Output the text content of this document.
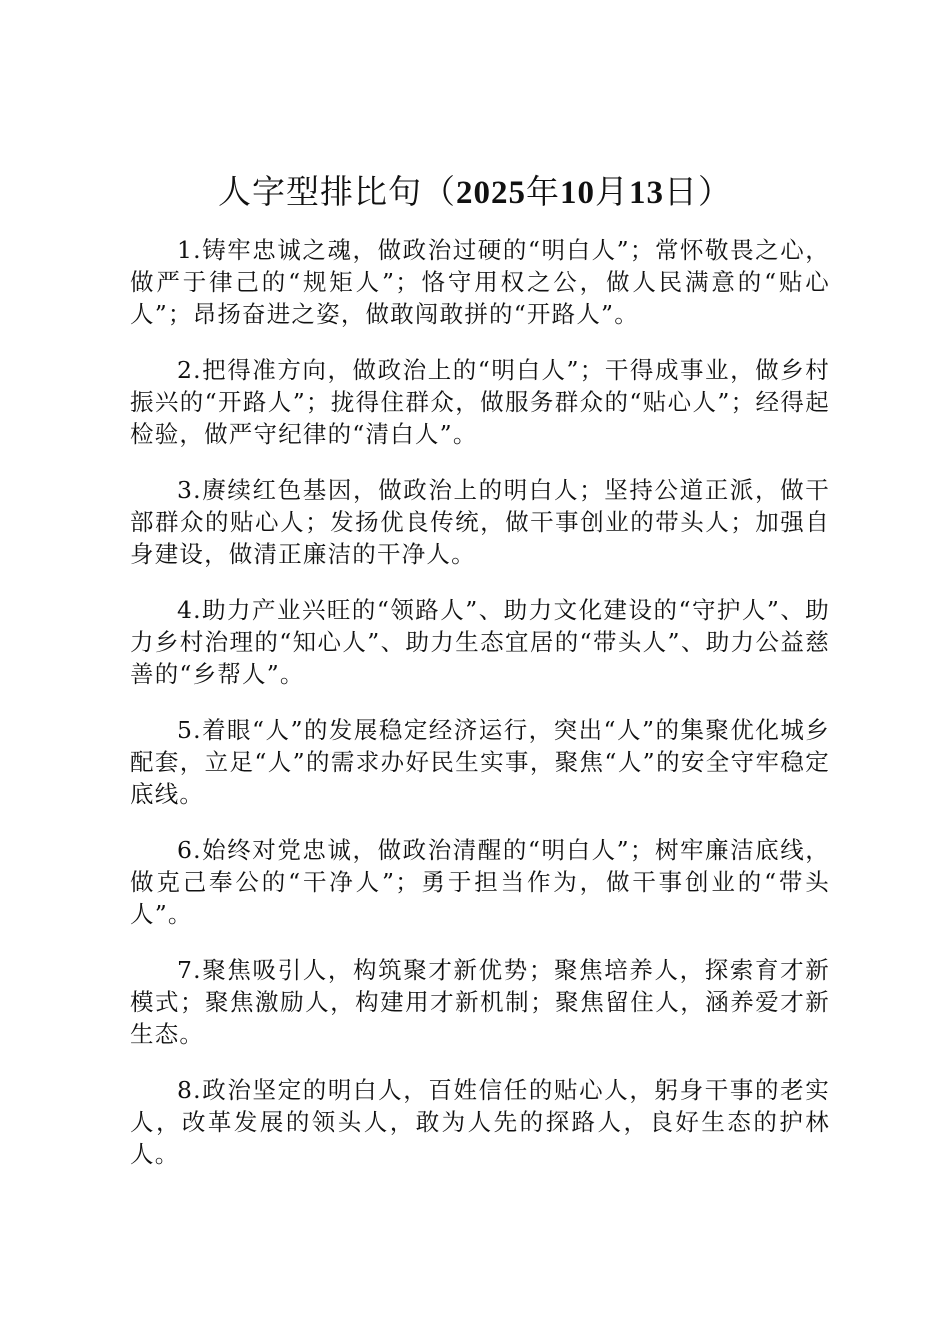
人字型排比句（2025年10月13日）

1.铸牢忠诚之魂，做政治过硬的“明白人”；常怀敬畏之心，做严于律己的“规矩人”；恪守用权之公，做人民满意的“贴心人”；昂扬奋进之姿，做敢闯敢拼的“开路人”。

2.把得准方向，做政治上的“明白人”；干得成事业，做乡村振兴的“开路人”；拢得住群众，做服务群众的“贴心人”；经得起检验，做严守纪律的“清白人”。

3.赓续红色基因，做政治上的明白人；坚持公道正派，做干部群众的贴心人；发扬优良传统，做干事创业的带头人；加强自身建设，做清正廉洁的干净人。

4.助力产业兴旺的“领路人”、助力文化建设的“守护人”、助力乡村治理的“知心人”、助力生态宜居的“带头人”、助力公益慈善的“乡帮人”。

5.着眼“人”的发展稳定经济运行，突出“人”的集聚优化城乡配套，立足“人”的需求办好民生实事，聚焦“人”的安全守牢稳定底线。

6.始终对党忠诚，做政治清醒的“明白人”；树牢廉洁底线，做克己奉公的“干净人”；勇于担当作为，做干事创业的“带头人”。

7.聚焦吸引人，构筑聚才新优势；聚焦培养人，探索育才新模式；聚焦激励人，构建用才新机制；聚焦留住人，涵养爱才新生态。

8.政治坚定的明白人，百姓信任的贴心人，躬身干事的老实人，改革发展的领头人，敢为人先的探路人，良好生态的护林人。
